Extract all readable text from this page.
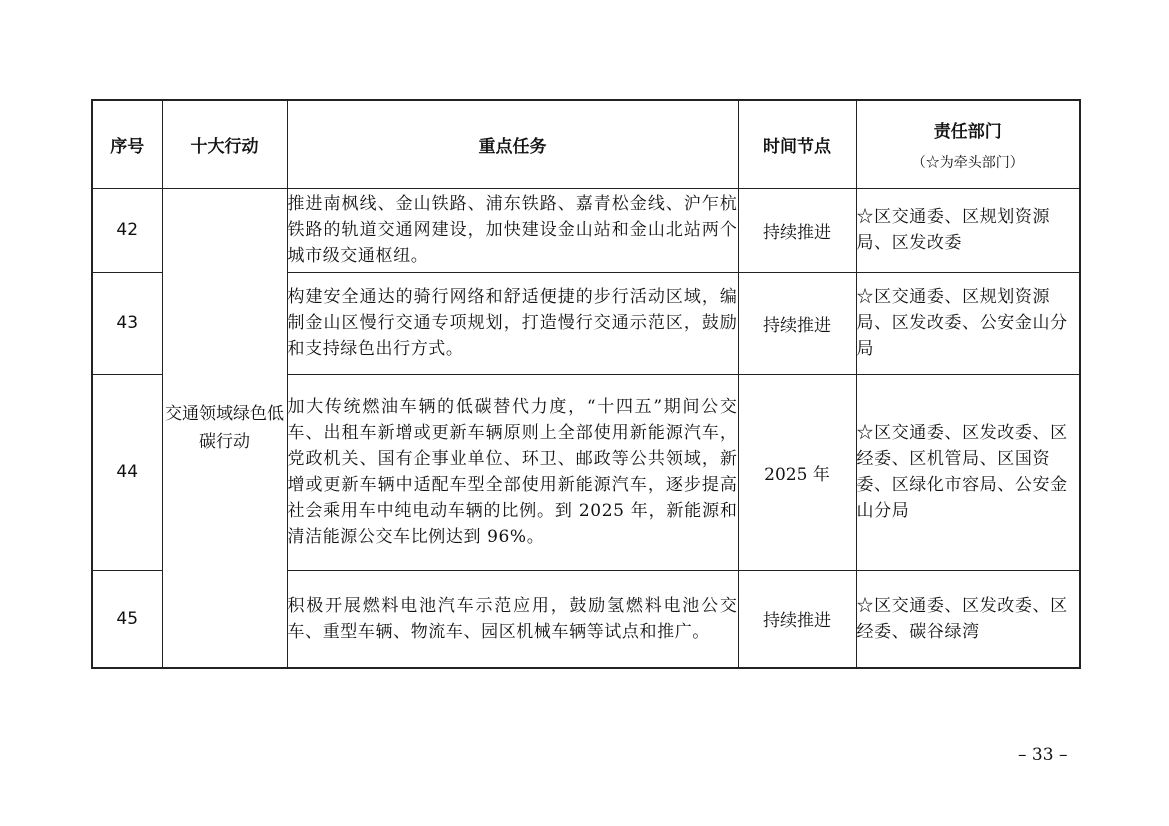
序号	十大行动	重点任务	时间节点	责任部门
（☆为牵头部门）

42	交通领域绿色低碳行动	推进南枫线、金山铁路、浦东铁路、嘉青松金线、沪乍杭铁路的轨道交通网建设，加快建设金山站和金山北站两个城市级交通枢纽。	持续推进	☆区交通委、区规划资源局、区发改委
43		构建安全通达的骑行网络和舒适便捷的步行活动区域，编制金山区慢行交通专项规划，打造慢行交通示范区，鼓励和支持绿色出行方式。	持续推进	☆区交通委、区规划资源局、区发改委、公安金山分局
44		加大传统燃油车辆的低碳替代力度，“十四五”期间公交车、出租车新增或更新车辆原则上全部使用新能源汽车，党政机关、国有企事业单位、环卫、邮政等公共领域，新增或更新车辆中适配车型全部使用新能源汽车，逐步提高社会乘用车中纯电动车辆的比例。到 2025 年，新能源和清洁能源公交车比例达到 96%。	2025 年	☆区交通委、区发改委、区经委、区机管局、区国资委、区绿化市容局、公安金山分局
45		积极开展燃料电池汽车示范应用，鼓励氢燃料电池公交车、重型车辆、物流车、园区机械车辆等试点和推广。	持续推进	☆区交通委、区发改委、区经委、碳谷绿湾
– 33 –
